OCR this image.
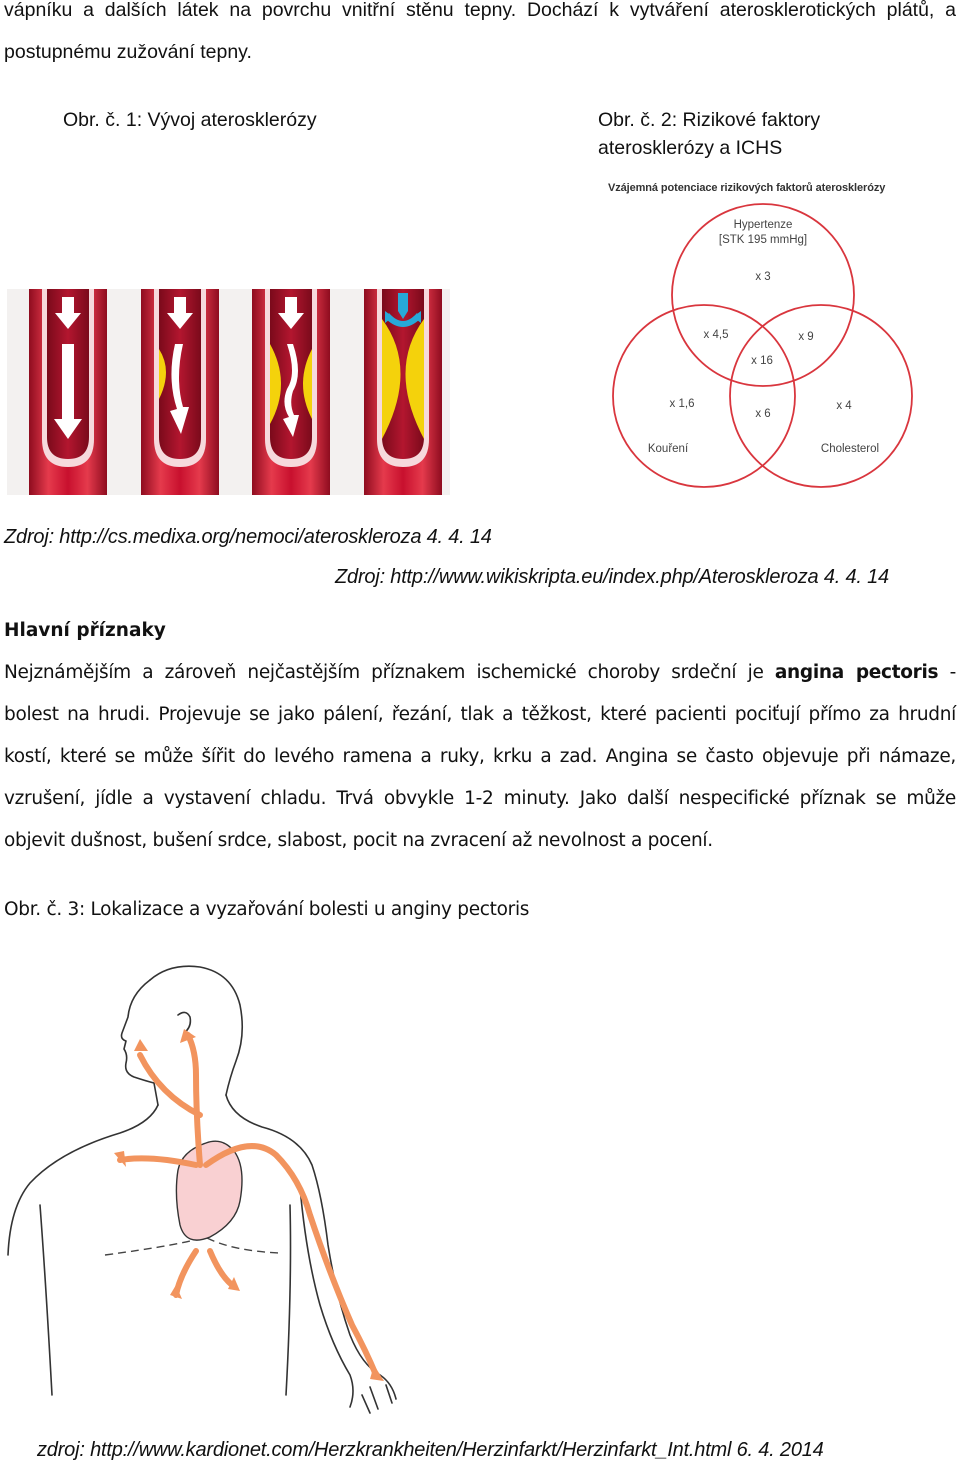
vápníku a dalších látek na povrchu vnitřní stěnu tepny. Dochází k vytváření aterosklerotických plátů, a

postupnému zužování tepny.

Obr. č. 1: Vývoj aterosklerózy	Obr. č. 2: Rizikové faktory

aterosklerózy a ICHS

Vzájemná potenciace rizikových faktorů aterosklerózy
Hypertenze
[STK 195 mmHg]
x 3
x 4,5	x 9
x 16
x 1,6
x 6
x 4
Kouření	Cholesterol

Zdroj: http://cs.medixa.org/nemoci/ateroskleroza 4. 4. 14

Zdroj: http://www.wikiskripta.eu/index.php/Ateroskleroza 4. 4. 14

Hlavní příznaky

Nejznámějším a zároveň nejčastějším příznakem ischemické choroby srdeční je angina pectoris -

bolest na hrudi. Projevuje se jako pálení, řezání, tlak a těžkost, které pacienti pociťují přímo za hrudní

kostí, které se může šířit do levého ramena a ruky, krku a zad. Angina se často objevuje při námaze,

vzrušení, jídle a vystavení chladu. Trvá obvykle 1-2 minuty. Jako další nespecifické příznak se může

objevit dušnost, bušení srdce, slabost, pocit na zvracení až nevolnost a pocení.

Obr. č. 3: Lokalizace a vyzařování bolesti u anginy pectoris

zdroj: http://www.kardionet.com/Herzkrankheiten/Herzinfarkt/Herzinfarkt_Int.html 6. 4. 2014
